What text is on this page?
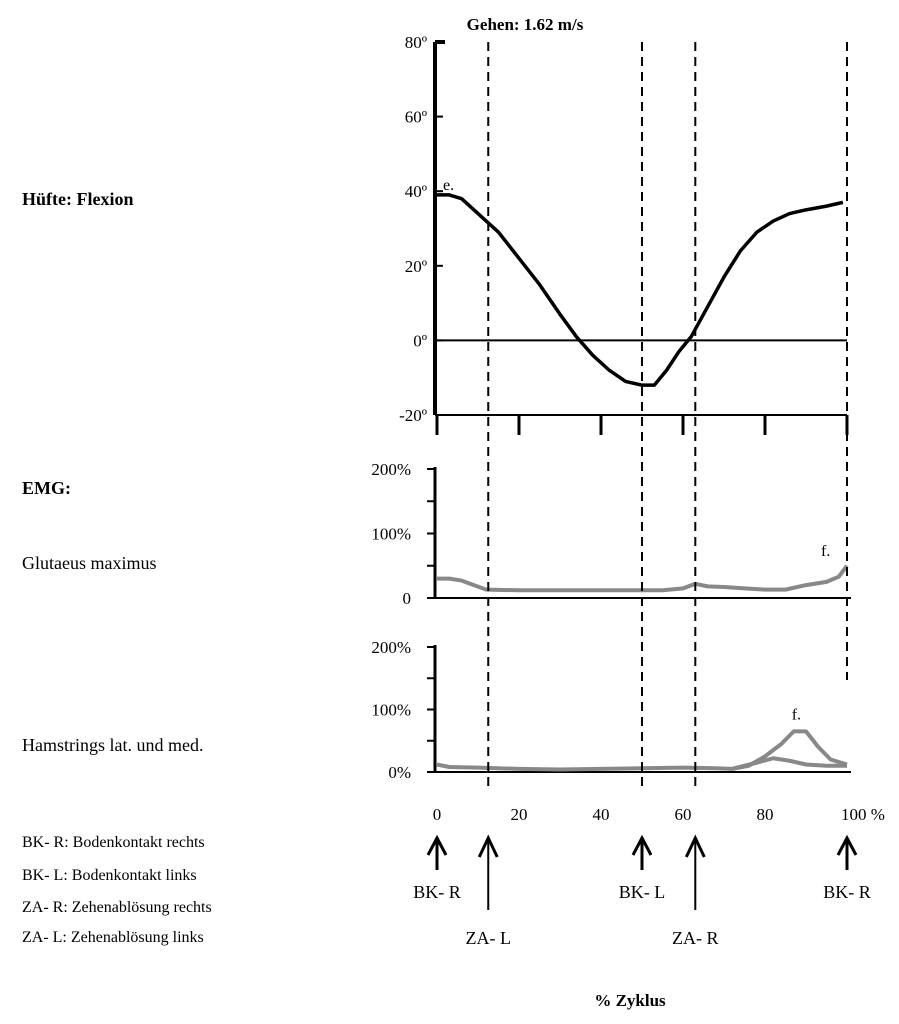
Hüfte: Flexion
EMG:
Glutaeus maximus
Hamstrings lat. und med.
BK- R: Bodenkontakt rechts
BK- L: Bodenkontakt links
ZA- R: Zehenablösung rechts
ZA- L: Zehenablösung links
Gehen: 1.62 m/s
80º
60º
40º
20º
0º
-20º
e.
200%
100%
0
f.
200%
100%
0%
f.
0	20	40	60	80	100 %
BK- R
ZA- L
BK- L
ZA- R
BK- R
% Zyklus
